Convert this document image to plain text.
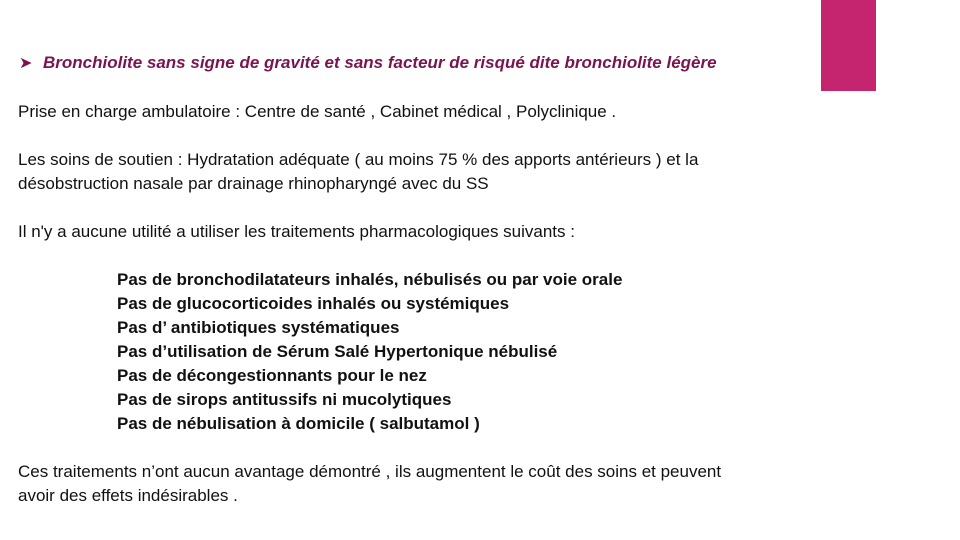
➤ Bronchiolite sans signe de gravité et sans facteur de risqué dite bronchiolite légère

Prise en charge ambulatoire : Centre de santé , Cabinet médical , Polyclinique .

Les soins de soutien : Hydratation adéquate ( au moins 75 % des apports antérieurs ) et la
désobstruction nasale par drainage rhinopharyngé avec du SS

Il n'y a aucune utilité a utiliser les traitements pharmacologiques suivants :

Pas de bronchodilatateurs inhalés, nébulisés ou par voie orale
Pas de glucocorticoides inhalés ou systémiques
Pas d’ antibiotiques systématiques
Pas d’utilisation de Sérum Salé Hypertonique nébulisé
Pas de décongestionnants pour le nez
Pas de sirops antitussifs ni mucolytiques
Pas de nébulisation à domicile ( salbutamol )

Ces traitements n’ont aucun avantage démontré , ils augmentent le coût des soins et peuvent
avoir des effets indésirables .
